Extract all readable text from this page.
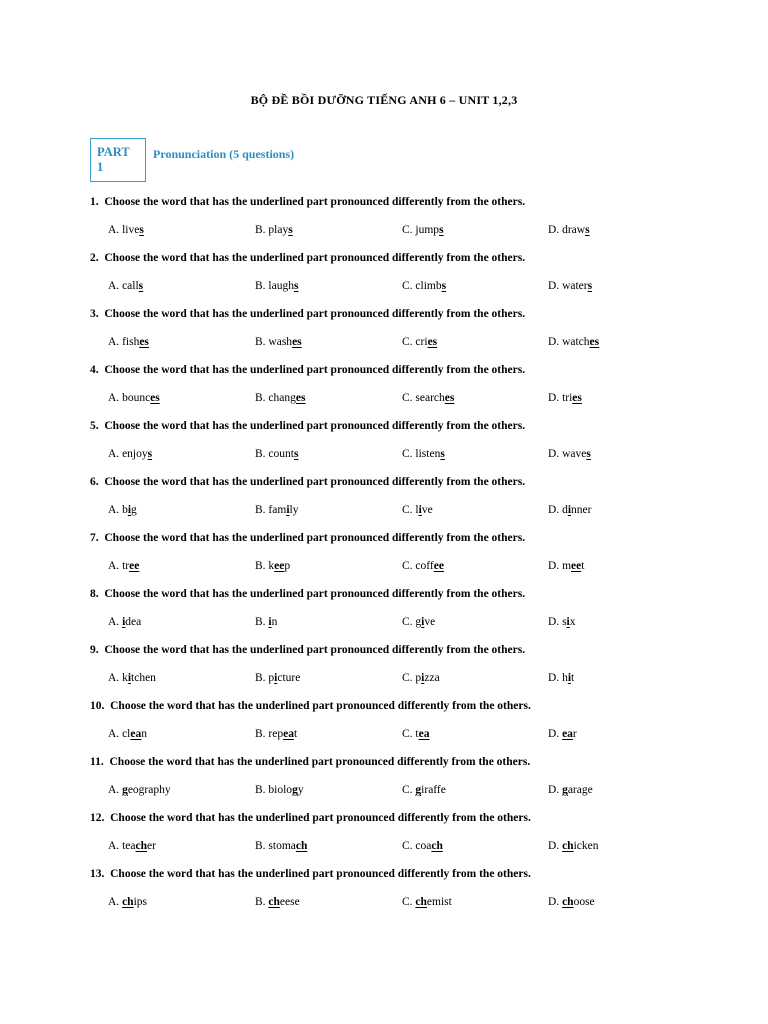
BỘ ĐỀ BỒI DƯỠNG TIẾNG ANH 6 – UNIT 1,2,3
PART
1
Pronunciation (5 questions)
1. Choose the word that has the underlined part pronounced differently from the others.
A. lives	B. plays	C. jumps	D. draws
2. Choose the word that has the underlined part pronounced differently from the others.
A. calls	B. laughs	C. climbs	D. waters
3. Choose the word that has the underlined part pronounced differently from the others.
A. fishes	B. washes	C. cries	D. watches
4. Choose the word that has the underlined part pronounced differently from the others.
A. bounces	B. changes	C. searches	D. tries
5. Choose the word that has the underlined part pronounced differently from the others.
A. enjoys	B. counts	C. listens	D. waves
6. Choose the word that has the underlined part pronounced differently from the others.
A. big	B. family	C. live	D. dinner
7. Choose the word that has the underlined part pronounced differently from the others.
A. tree	B. keep	C. coffee	D. meet
8. Choose the word that has the underlined part pronounced differently from the others.
A. idea	B. in	C. give	D. six
9. Choose the word that has the underlined part pronounced differently from the others.
A. kitchen	B. picture	C. pizza	D. hit
10. Choose the word that has the underlined part pronounced differently from the others.
A. clean	B. repeat	C. tea	D. ear
11. Choose the word that has the underlined part pronounced differently from the others.
A. geography	B. biology	C. giraffe	D. garage
12. Choose the word that has the underlined part pronounced differently from the others.
A. teacher	B. stomach	C. coach	D. chicken
13. Choose the word that has the underlined part pronounced differently from the others.
A. chips	B. cheese	C. chemist	D. choose
